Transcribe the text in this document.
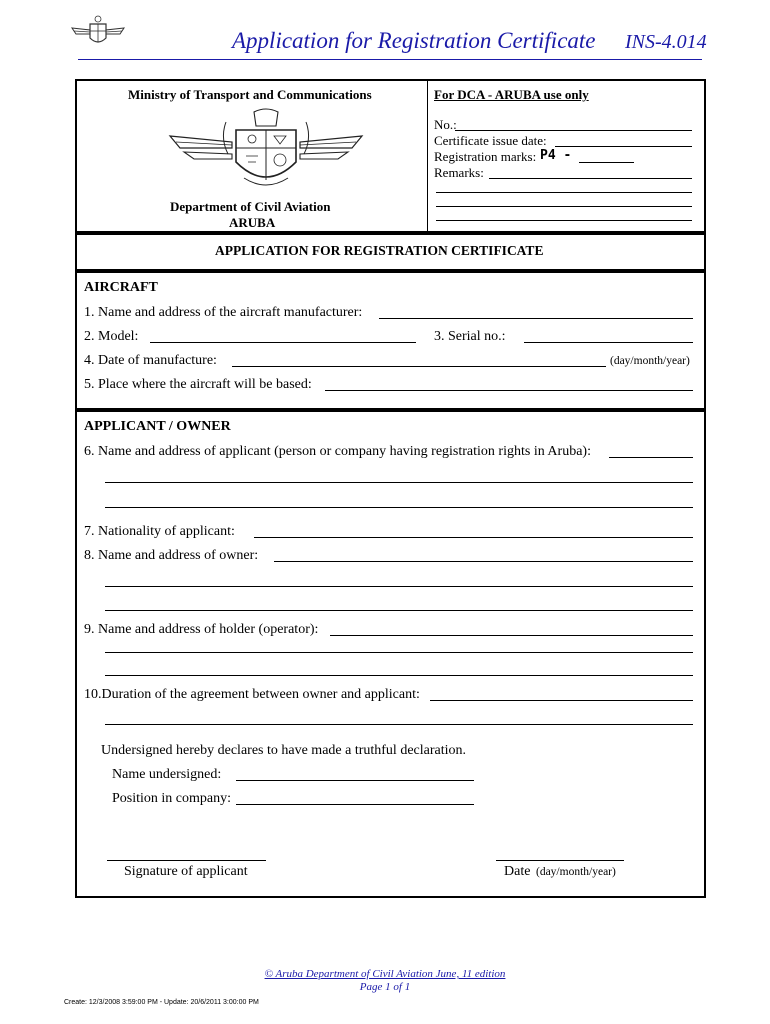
Application for Registration Certificate INS-4.014
Ministry of Transport and Communications
Department of Civil Aviation
ARUBA
For DCA - ARUBA use only
No.:
Certificate issue date:
Registration marks: P4 -
Remarks:
APPLICATION FOR REGISTRATION CERTIFICATE
AIRCRAFT
1. Name and address of the aircraft manufacturer:
2. Model:	3. Serial no.:
4. Date of manufacture:	(day/month/year)
5. Place where the aircraft will be based:
APPLICANT / OWNER
6. Name and address of applicant (person or company having registration rights in Aruba):
7. Nationality of applicant:
8. Name and address of owner:
9. Name and address of holder (operator):
10.Duration of the agreement between owner and applicant:
Undersigned hereby declares to have made a truthful declaration.
Name undersigned:
Position in company:
Signature of applicant	Date (day/month/year)
© Aruba Department of Civil Aviation June, 11 edition
Page 1 of 1
Create: 12/3/2008 3:59:00 PM - Update: 20/6/2011 3:00:00 PM
